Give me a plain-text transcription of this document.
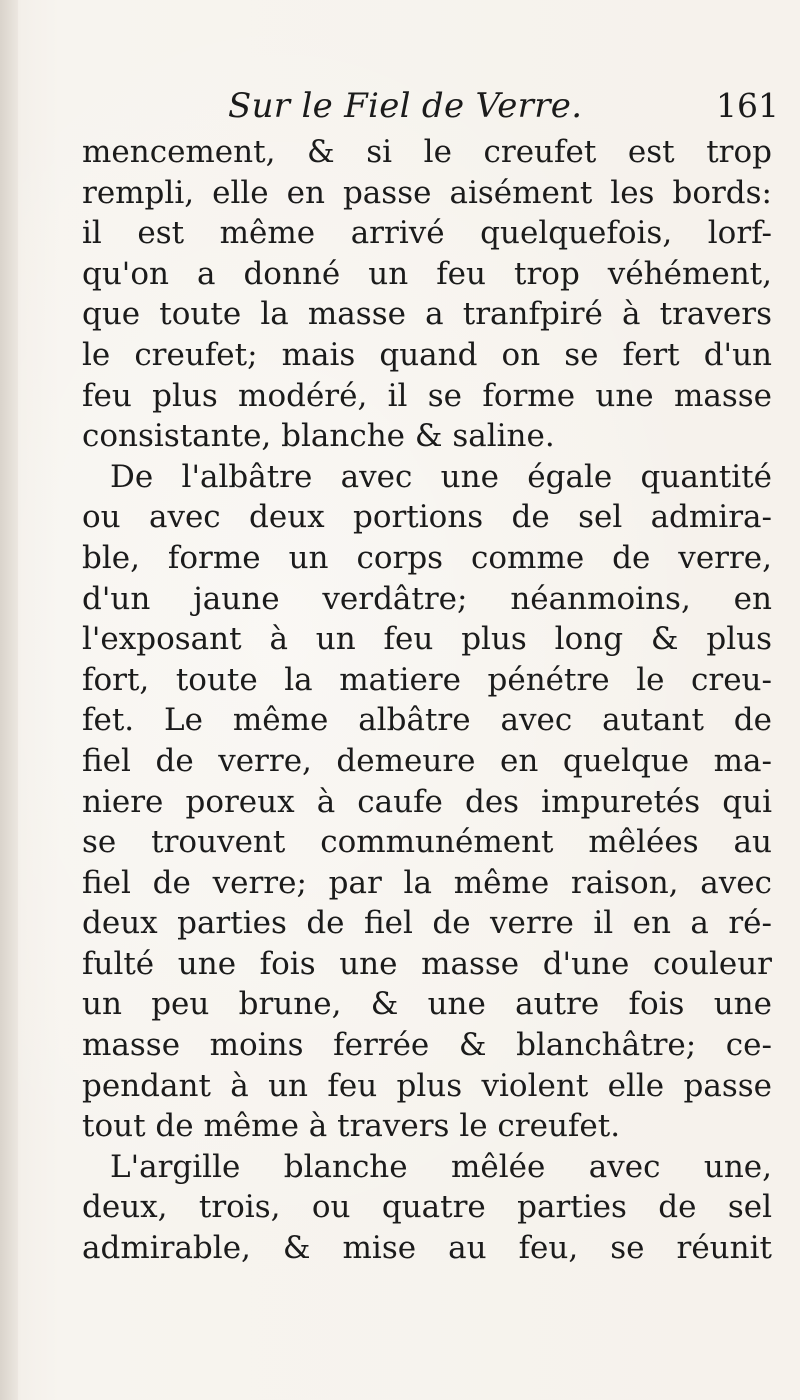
Sur le Fiel de Verre.	161
mencement, & si le creufet est trop
rempli, elle en passe aisément les bords:
il est même arrivé quelquefois, lorf-
qu'on a donné un feu trop véhément,
que toute la masse a tranfpiré à travers
le creufet; mais quand on se fert d'un
feu plus modéré, il se forme une masse
consistante, blanche & saline.
De l'albâtre avec une égale quantité
ou avec deux portions de sel admira-
ble, forme un corps comme de verre,
d'un jaune verdâtre; néanmoins, en
l'exposant à un feu plus long & plus
fort, toute la matiere pénétre le creu-
fet. Le même albâtre avec autant de
fiel de verre, demeure en quelque ma-
niere poreux à caufe des impuretés qui
se trouvent communément mêlées au
fiel de verre; par la même raison, avec
deux parties de fiel de verre il en a ré-
fulté une fois une masse d'une couleur
un peu brune, & une autre fois une
masse moins ferrée & blanchâtre; ce-
pendant à un feu plus violent elle passe
tout de même à travers le creufet.
L'argille blanche mêlée avec une,
deux, trois, ou quatre parties de sel
admirable, & mise au feu, se réunit
